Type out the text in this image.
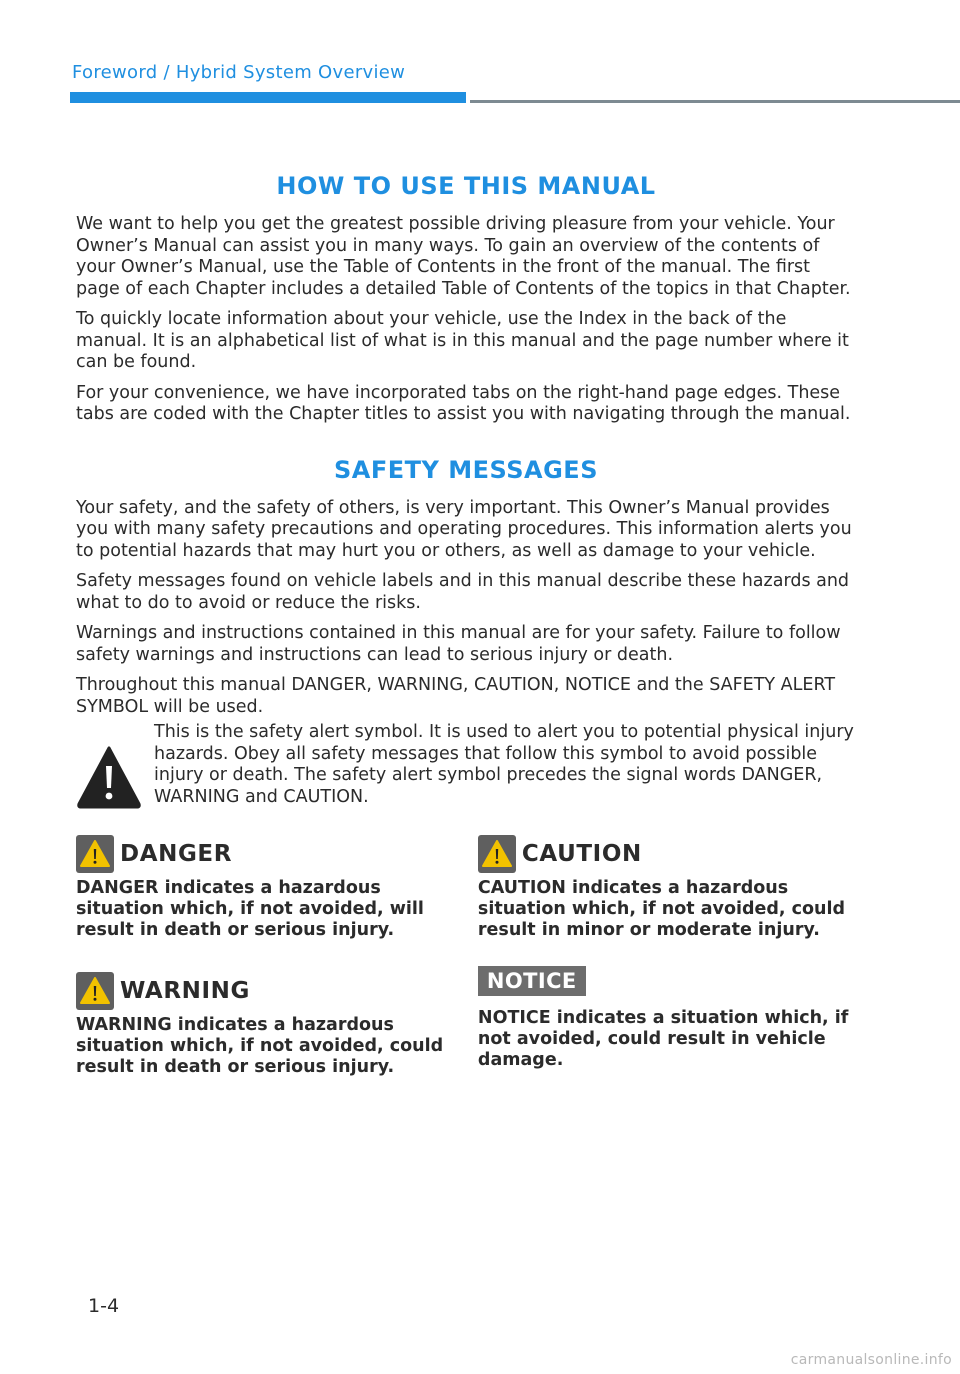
Foreword / Hybrid System Overview
HOW TO USE THIS MANUAL

We want to help you get the greatest possible driving pleasure from your vehicle. Your Owner’s Manual can assist you in many ways. To gain an overview of the contents of your Owner’s Manual, use the Table of Contents in the front of the manual. The first page of each Chapter includes a detailed Table of Contents of the topics in that Chapter.

To quickly locate information about your vehicle, use the Index in the back of the manual. It is an alphabetical list of what is in this manual and the page number where it can be found.

For your convenience, we have incorporated tabs on the right-hand page edges. These tabs are coded with the Chapter titles to assist you with navigating through the manual.

SAFETY MESSAGES

Your safety, and the safety of others, is very important. This Owner’s Manual provides you with many safety precautions and operating procedures. This information alerts you to potential hazards that may hurt you or others, as well as damage to your vehicle.

Safety messages found on vehicle labels and in this manual describe these hazards and what to do to avoid or reduce the risks.

Warnings and instructions contained in this manual are for your safety. Failure to follow safety warnings and instructions can lead to serious injury or death.

Throughout this manual DANGER, WARNING, CAUTION, NOTICE and the SAFETY ALERT SYMBOL will be used.

This is the safety alert symbol. It is used to alert you to potential physical injury hazards. Obey all safety messages that follow this symbol to avoid possible injury or death. The safety alert symbol precedes the signal words DANGER, WARNING and CAUTION.

DANGER

DANGER indicates a hazardous situation which, if not avoided, will result in death or serious injury.

WARNING

WARNING indicates a hazardous situation which, if not avoided, could result in death or serious injury.

CAUTION

CAUTION indicates a hazardous situation which, if not avoided, could result in minor or moderate injury.

NOTICE

NOTICE indicates a situation which, if not avoided, could result in vehicle damage.

1-4
carmanualsonline.info
